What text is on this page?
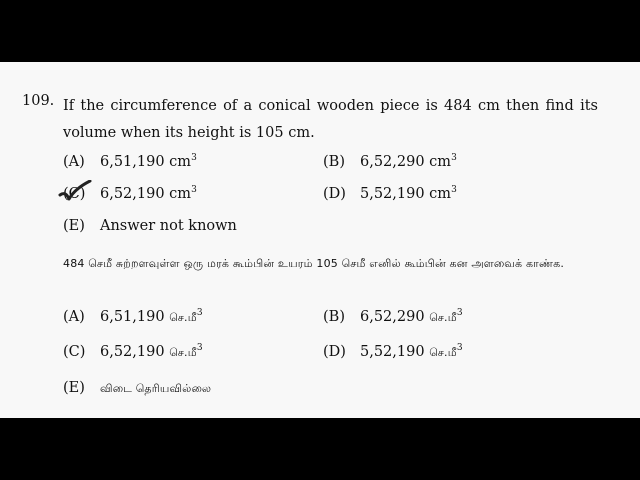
109. If the circumference of a conical wooden piece is 484 cm then find its volume when its height is 105 cm.
(A) 6,51,190 $cm^3$	(B) 6,52,290 $cm^3$
(C) 6,52,190 $cm^3$	(D) 5,52,190 $cm^3$
(E) Answer not known
484 செமீ சுற்றளவுள்ள ஒரு மரக் கூம்பின் உயரம் 105 செமீ எனில் கூம்பின் கன அளவைக் காண்க.
(A) 6,51,190 செ.மீ$^3$	(B) 6,52,290 செ.மீ$^3$
(C) 6,52,190 செ.மீ$^3$	(D) 5,52,190 செ.மீ$^3$
(E) விடை தெரியவில்லை
